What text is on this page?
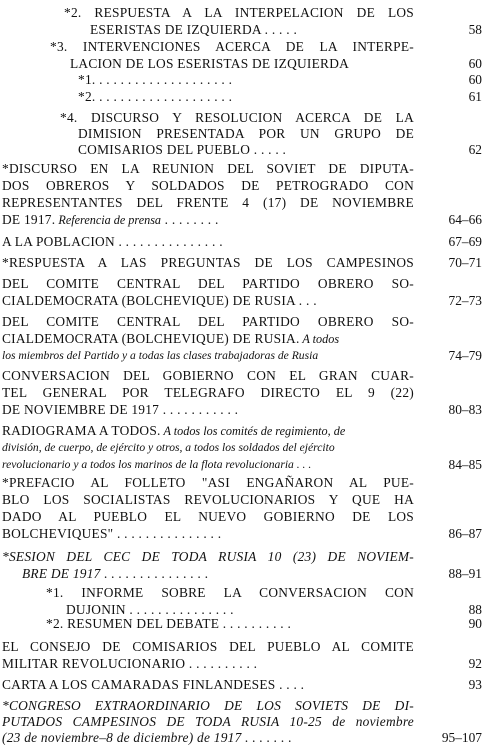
*2. RESPUESTA A LA INTERPELACION DE LOS
ESERISTAS DE IZQUIERDA . . . . .	58
*3. INTERVENCIONES ACERCA DE LA INTERPE-
LACION DE LOS ESERISTAS DE IZQUIERDA	60
*1. . . . . . . . . . . . . . . . . . . .	60
*2. . . . . . . . . . . . . . . . . . . .	61
*4. DISCURSO Y RESOLUCION ACERCA DE LA
DIMISION PRESENTADA POR UN GRUPO DE
COMISARIOS DEL PUEBLO . . . . .	62
*DISCURSO EN LA REUNION DEL SOVIET DE DIPUTA-
DOS OBREROS Y SOLDADOS DE PETROGRADO CON
REPRESENTANTES DEL FRENTE 4 (17) DE NOVIEMBRE
DE 1917. Referencia de prensa . . . . . . . .	64–66
A LA POBLACION . . . . . . . . . . . . . . .	67–69
*RESPUESTA A LAS PREGUNTAS DE LOS CAMPESINOS	70–71
DEL COMITE CENTRAL DEL PARTIDO OBRERO SO-
CIALDEMOCRATA (BOLCHEVIQUE) DE RUSIA . . .	72–73
DEL COMITE CENTRAL DEL PARTIDO OBRERO SO-
CIALDEMOCRATA (BOLCHEVIQUE) DE RUSIA. A todos
los miembros del Partido y a todas las clases trabajadoras de Rusia	74–79
CONVERSACION DEL GOBIERNO CON EL GRAN CUAR-
TEL GENERAL POR TELEGRAFO DIRECTO EL 9 (22)
DE NOVIEMBRE DE 1917 . . . . . . . . . . .	80–83
RADIOGRAMA A TODOS. A todos los comités de regimiento, de
división, de cuerpo, de ejército y otros, a todos los soldados del ejército
revolucionario y a todos los marinos de la flota revolucionaria . . .	84–85
*PREFACIO AL FOLLETO "ASI ENGAÑARON AL PUE-
BLO LOS SOCIALISTAS REVOLUCIONARIOS Y QUE HA
DADO AL PUEBLO EL NUEVO GOBIERNO DE LOS
BOLCHEVIQUES" . . . . . . . . . . . . . . .	86–87
*SESION DEL CEC DE TODA RUSIA 10 (23) DE NOVIEM-
BRE DE 1917 . . . . . . . . . . . . . . .	88–91
*1. INFORME SOBRE LA CONVERSACION CON
DUJONIN . . . . . . . . . . . . . . .	88
*2. RESUMEN DEL DEBATE . . . . . . . . . .	90
EL CONSEJO DE COMISARIOS DEL PUEBLO AL COMITE
MILITAR REVOLUCIONARIO . . . . . . . . . .	92
CARTA A LOS CAMARADAS FINLANDESES . . . .	93
*CONGRESO EXTRAORDINARIO DE LOS SOVIETS DE DI-
PUTADOS CAMPESINOS DE TODA RUSIA 10-25 de noviembre
(23 de noviembre–8 de diciembre) de 1917 . . . . . . .	95–107
